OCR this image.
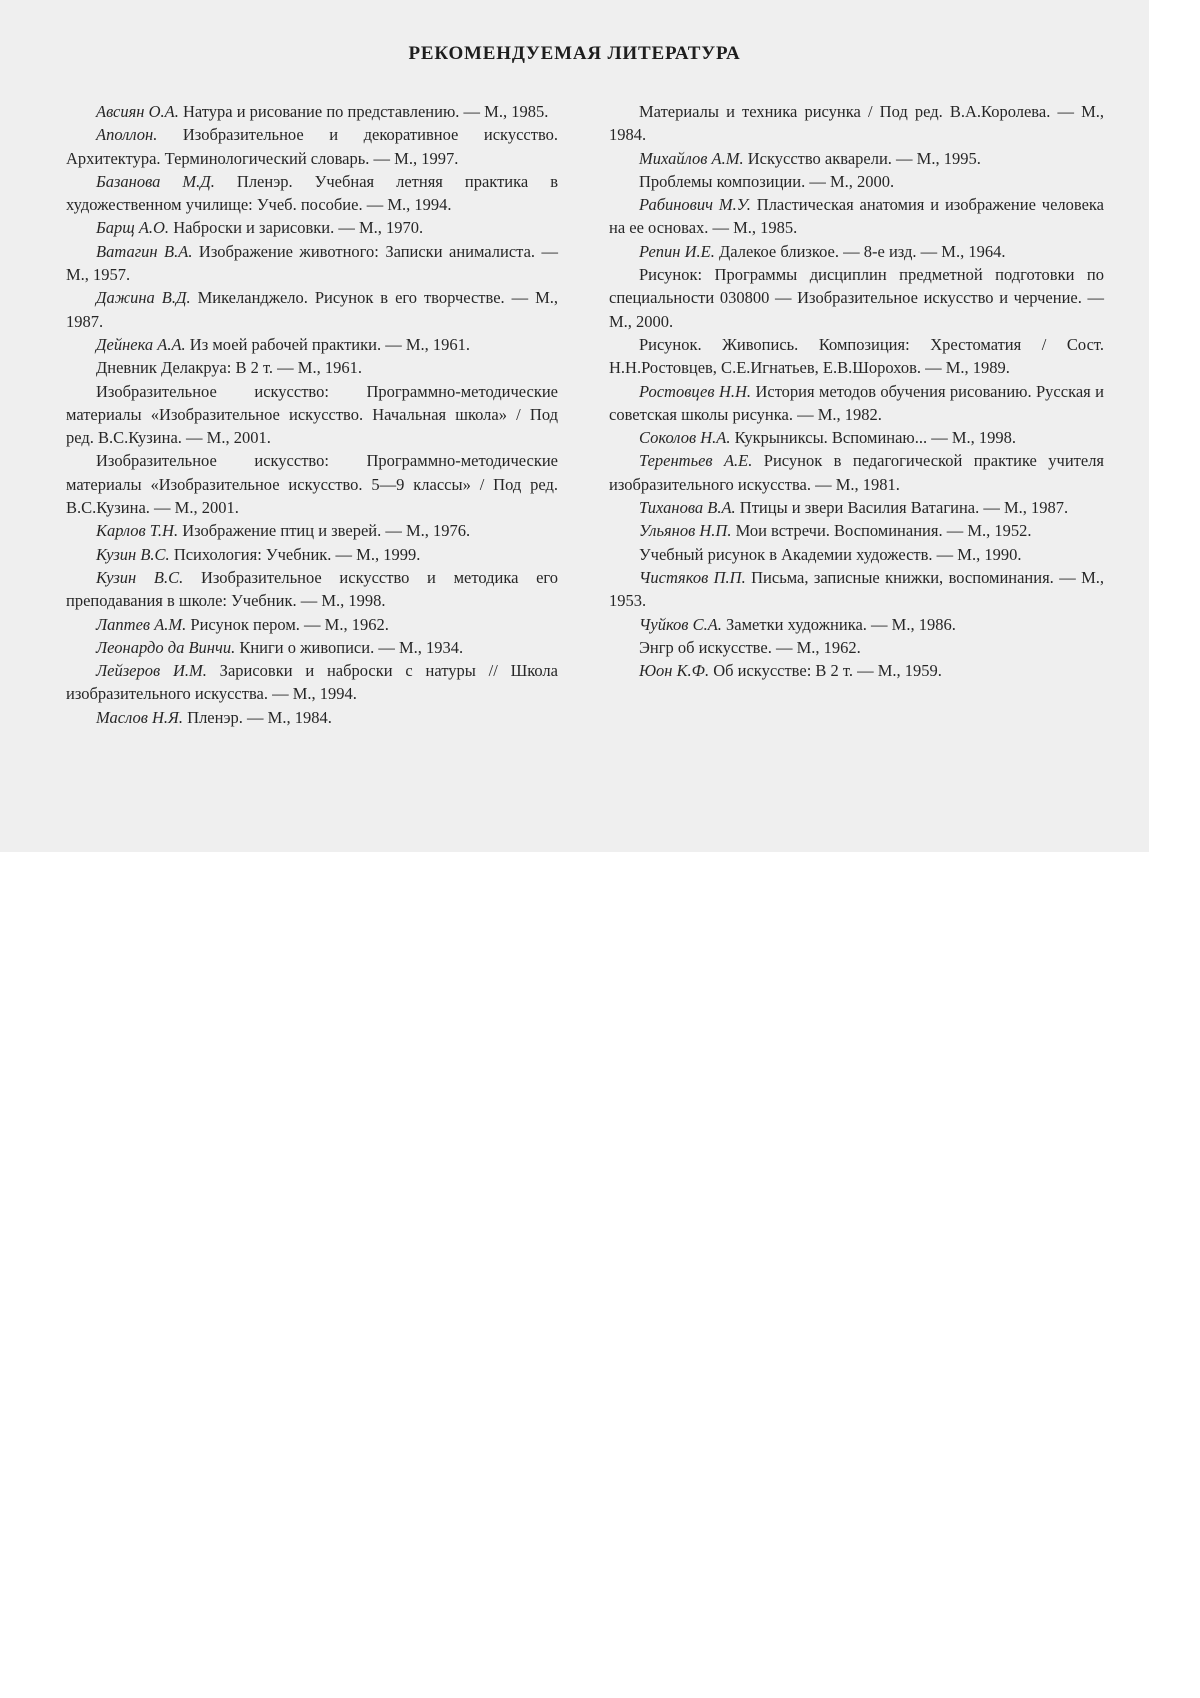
РЕКОМЕНДУЕМАЯ ЛИТЕРАТУРА

Авсиян О.А. Натура и рисование по представлению. — М., 1985.

Аполлон. Изобразительное и декоративное искусство. Архитектура. Терминологический словарь. — М., 1997.

Базанова М.Д. Пленэр. Учебная летняя практика в художественном училище: Учеб. пособие. — М., 1994.

Барщ А.О. Наброски и зарисовки. — М., 1970.

Ватагин В.А. Изображение животного: Записки анималиста. — М., 1957.

Дажина В.Д. Микеланджело. Рисунок в его творчестве. — М., 1987.

Дейнека А.А. Из моей рабочей практики. — М., 1961.

Дневник Делакруа: В 2 т. — М., 1961.

Изобразительное искусство: Программно-методические материалы «Изобразительное искусство. Начальная школа» / Под ред. В.С.Кузина. — М., 2001.

Изобразительное искусство: Программно-методические материалы «Изобразительное искусство. 5—9 классы» / Под ред. В.С.Кузина. — М., 2001.

Карлов Т.Н. Изображение птиц и зверей. — М., 1976.

Кузин В.С. Психология: Учебник. — М., 1999.

Кузин В.С. Изобразительное искусство и методика его преподавания в школе: Учебник. — М., 1998.

Лаптев А.М. Рисунок пером. — М., 1962.

Леонардо да Винчи. Книги о живописи. — М., 1934.

Лейзеров И.М. Зарисовки и наброски с натуры // Школа изобразительного искусства. — М., 1994.

Маслов Н.Я. Пленэр. — М., 1984.

Материалы и техника рисунка / Под ред. В.А.Королева. — М., 1984.

Михайлов А.М. Искусство акварели. — М., 1995.

Проблемы композиции. — М., 2000.

Рабинович М.У. Пластическая анатомия и изображение человека на ее основах. — М., 1985.

Репин И.Е. Далекое близкое. — 8-е изд. — М., 1964.

Рисунок: Программы дисциплин предметной подготовки по специальности 030800 — Изобразительное искусство и черчение. — М., 2000.

Рисунок. Живопись. Композиция: Хрестоматия / Сост. Н.Н.Ростовцев, С.Е.Игнатьев, Е.В.Шорохов. — М., 1989.

Ростовцев Н.Н. История методов обучения рисованию. Русская и советская школы рисунка. — М., 1982.

Соколов Н.А. Кукрыниксы. Вспоминаю... — М., 1998.

Терентьев А.Е. Рисунок в педагогической практике учителя изобразительного искусства. — М., 1981.

Тиханова В.А. Птицы и звери Василия Ватагина. — М., 1987.

Ульянов Н.П. Мои встречи. Воспоминания. — М., 1952.

Учебный рисунок в Академии художеств. — М., 1990.

Чистяков П.П. Письма, записные книжки, воспоминания. — М., 1953.

Чуйков С.А. Заметки художника. — М., 1986.

Энгр об искусстве. — М., 1962.

Юон К.Ф. Об искусстве: В 2 т. — М., 1959.
